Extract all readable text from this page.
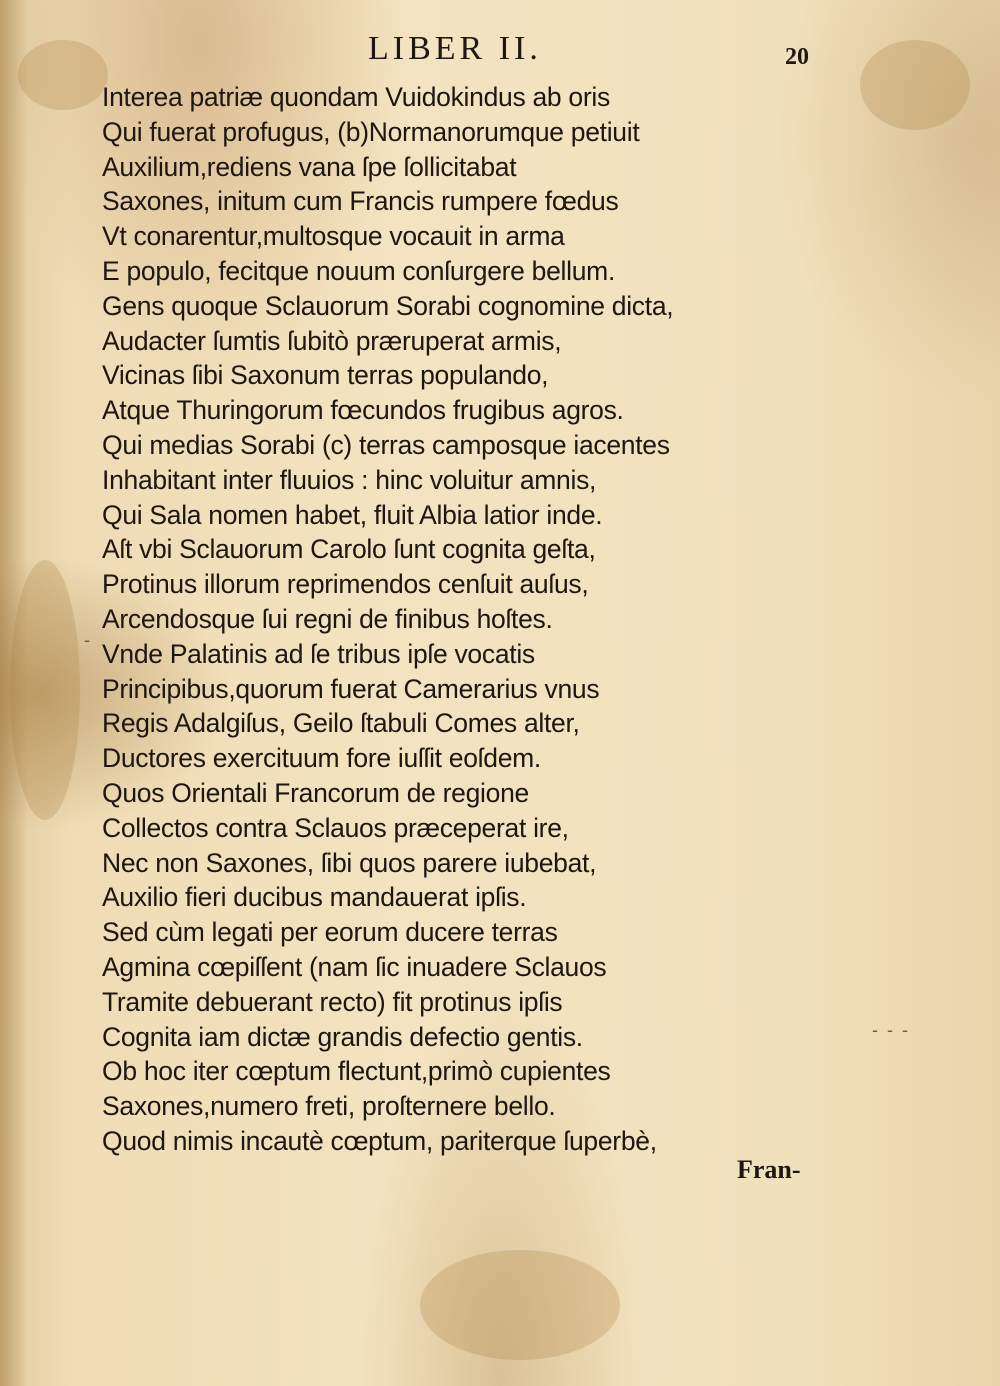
LIBER II.	20
Interea patriæ quondam Vuidokindus ab oris
Qui fuerat profugus, (b)Normanorumque petiuit
Auxilium,rediens vana ſpe ſollicitabat
Saxones, initum cum Francis rumpere fœdus
Vt conarentur,multosque vocauit in arma
E populo, fecitque nouum conſurgere bellum.
Gens quoque Sclauorum Sorabi cognomine dicta,
Audacter ſumtis ſubitò præruperat armis,
Vicinas ſibi Saxonum terras populando,
Atque Thuringorum fœcundos frugibus agros.
Qui medias Sorabi (c) terras camposque iacentes
Inhabitant inter fluuios : hinc voluitur amnis,
Qui Sala nomen habet, fluit Albia latior inde.
Aſt vbi Sclauorum Carolo ſunt cognita geſta,
Protinus illorum reprimendos cenſuit auſus,
Arcendosque ſui regni de finibus hoſtes.
Vnde Palatinis ad ſe tribus ipſe vocatis
Principibus,quorum fuerat Camerarius vnus
Regis Adalgiſus, Geilo ſtabuli Comes alter,
Ductores exercituum fore iuſſit eoſdem.
Quos Orientali Francorum de regione
Collectos contra Sclauos præceperat ire,
Nec non Saxones, ſibi quos parere iubebat,
Auxilio fieri ducibus mandauerat ipſis.
Sed cùm legati per eorum ducere terras
Agmina cœpiſſent (nam ſic inuadere Sclauos
Tramite debuerant recto) fit protinus ipſis
Cognita iam dictæ grandis defectio gentis.
Ob hoc iter cœptum flectunt,primò cupientes
Saxones,numero freti, proſternere bello.
Quod nimis incautè cœptum, pariterque ſuperbè,
Fran-
‑
‑ ‑ ‑
